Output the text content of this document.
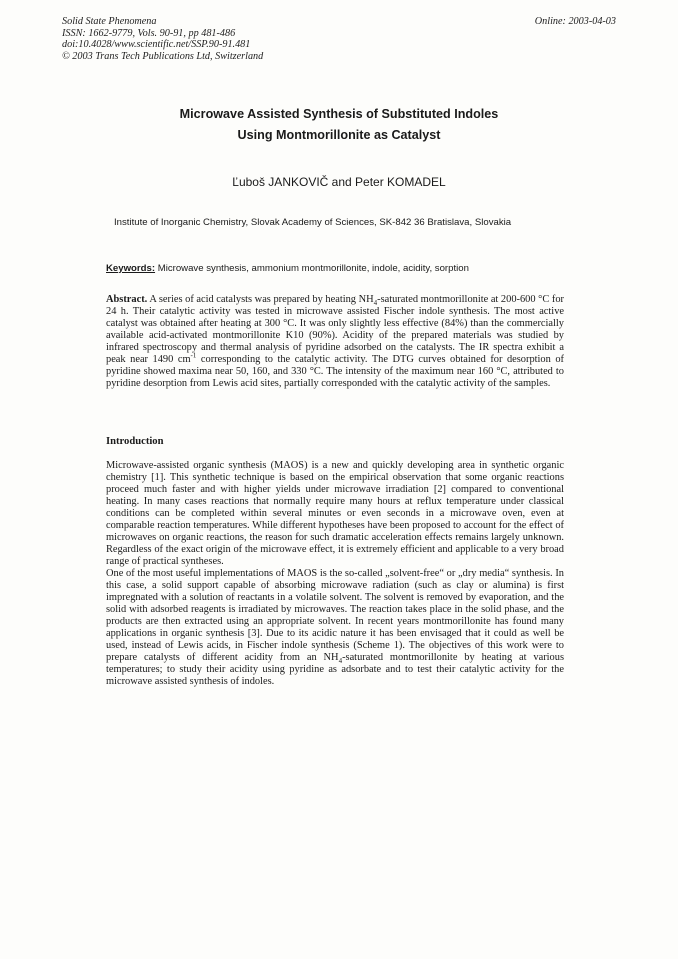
Solid State Phenomena
ISSN: 1662-9779, Vols. 90-91, pp 481-486
doi:10.4028/www.scientific.net/SSP.90-91.481
© 2003 Trans Tech Publications Ltd, Switzerland
Online: 2003-04-03
Microwave Assisted Synthesis of Substituted Indoles
Using Montmorillonite as Catalyst
Ľuboš JANKOVIČ and Peter KOMADEL
Institute of Inorganic Chemistry, Slovak Academy of Sciences, SK-842 36 Bratislava, Slovakia
Keywords: Microwave synthesis, ammonium montmorillonite, indole, acidity, sorption
Abstract. A series of acid catalysts was prepared by heating $NH_4$-saturated montmorillonite at 200-600 °C for 24 h. Their catalytic activity was tested in microwave assisted Fischer indole synthesis. The most active catalyst was obtained after heating at 300 °C. It was only slightly less effective (84%) than the commercially available acid-activated montmorillonite K10 (90%). Acidity of the prepared materials was studied by infrared spectroscopy and thermal analysis of pyridine adsorbed on the catalysts. The IR spectra exhibit a peak near 1490 $cm^{-1}$ corresponding to the catalytic activity. The DTG curves obtained for desorption of pyridine showed maxima near 50, 160, and 330 °C. The intensity of the maximum near 160 °C, attributed to pyridine desorption from Lewis acid sites, partially corresponded with the catalytic activity of the samples.
Introduction

Microwave-assisted organic synthesis (MAOS) is a new and quickly developing area in synthetic organic chemistry [1]. This synthetic technique is based on the empirical observation that some organic reactions proceed much faster and with higher yields under microwave irradiation [2] compared to conventional heating. In many cases reactions that normally require many hours at reflux temperature under classical conditions can be completed within several minutes or even seconds in a microwave oven, even at comparable reaction temperatures. While different hypotheses have been proposed to account for the effect of microwaves on organic reactions, the reason for such dramatic acceleration effects remains largely unknown. Regardless of the exact origin of the microwave effect, it is extremely efficient and applicable to a very broad range of practical syntheses.

One of the most useful implementations of MAOS is the so-called „solvent-free“ or „dry media“ synthesis. In this case, a solid support capable of absorbing microwave radiation (such as clay or alumina) is first impregnated with a solution of reactants in a volatile solvent. The solvent is removed by evaporation, and the solid with adsorbed reagents is irradiated by microwaves. The reaction takes place in the solid phase, and the products are then extracted using an appropriate solvent. In recent years montmorillonite has found many applications in organic synthesis [3]. Due to its acidic nature it has been envisaged that it could as well be used, instead of Lewis acids, in Fischer indole synthesis (Scheme 1). The objectives of this work were to prepare catalysts of different acidity from an $NH_4$-saturated montmorillonite by heating at various temperatures; to study their acidity using pyridine as adsorbate and to test their catalytic activity for the microwave assisted synthesis of indoles.
